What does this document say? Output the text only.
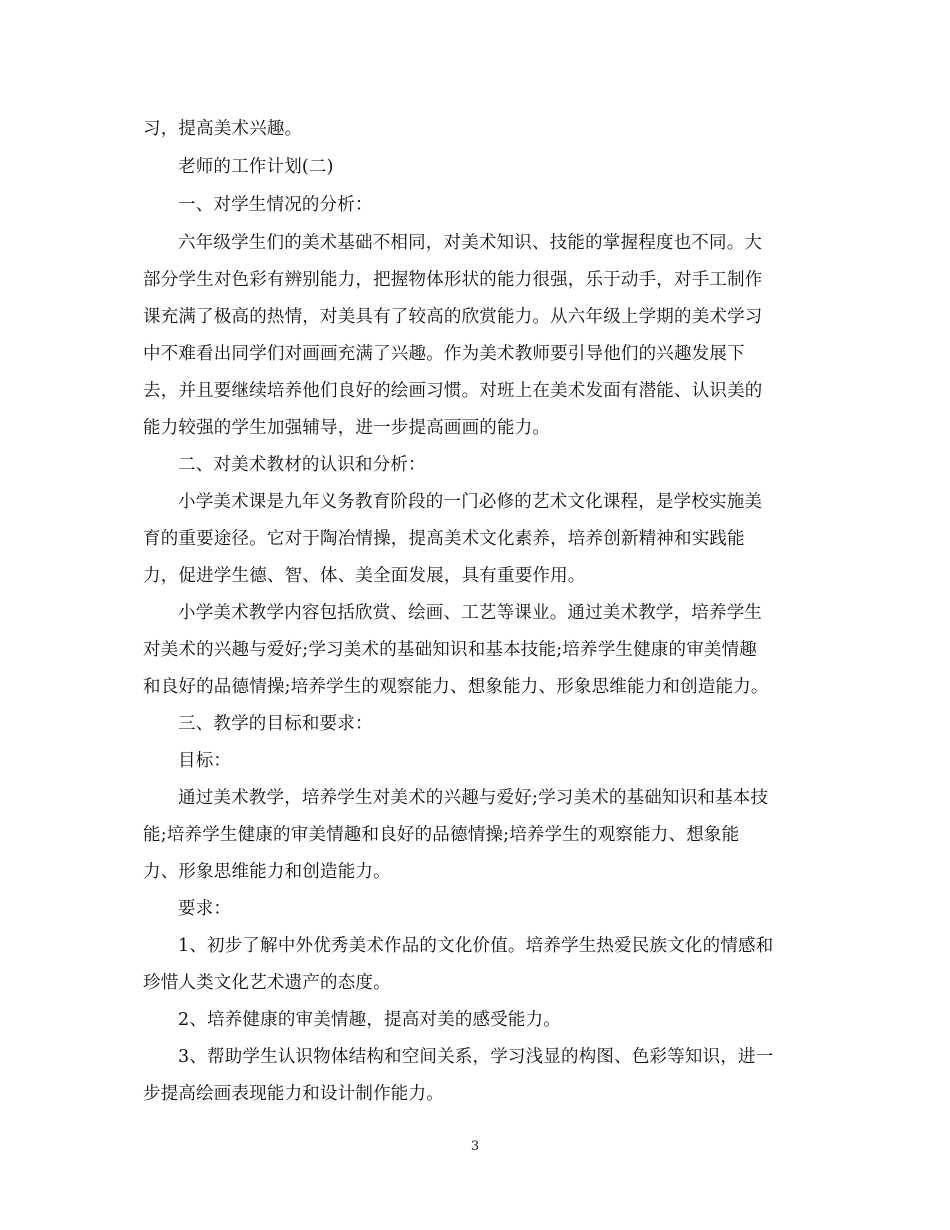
习，提高美术兴趣。
老师的工作计划(二)
一、对学生情况的分析：
六年级学生们的美术基础不相同，对美术知识、技能的掌握程度也不同。大
部分学生对色彩有辨别能力，把握物体形状的能力很强，乐于动手，对手工制作
课充满了极高的热情，对美具有了较高的欣赏能力。从六年级上学期的美术学习
中不难看出同学们对画画充满了兴趣。作为美术教师要引导他们的兴趣发展下
去，并且要继续培养他们良好的绘画习惯。对班上在美术发面有潜能、认识美的
能力较强的学生加强辅导，进一步提高画画的能力。
二、对美术教材的认识和分析：
小学美术课是九年义务教育阶段的一门必修的艺术文化课程，是学校实施美
育的重要途径。它对于陶冶情操，提高美术文化素养，培养创新精神和实践能
力，促进学生德、智、体、美全面发展，具有重要作用。
小学美术教学内容包括欣赏、绘画、工艺等课业。通过美术教学，培养学生
对美术的兴趣与爱好;学习美术的基础知识和基本技能;培养学生健康的审美情趣
和良好的品德情操;培养学生的观察能力、想象能力、形象思维能力和创造能力。
三、教学的目标和要求：
目标：
通过美术教学，培养学生对美术的兴趣与爱好;学习美术的基础知识和基本技
能;培养学生健康的审美情趣和良好的品德情操;培养学生的观察能力、想象能
力、形象思维能力和创造能力。
要求：
1、初步了解中外优秀美术作品的文化价值。培养学生热爱民族文化的情感和
珍惜人类文化艺术遗产的态度。
2、培养健康的审美情趣，提高对美的感受能力。
3、帮助学生认识物体结构和空间关系，学习浅显的构图、色彩等知识，进一
步提高绘画表现能力和设计制作能力。
3
